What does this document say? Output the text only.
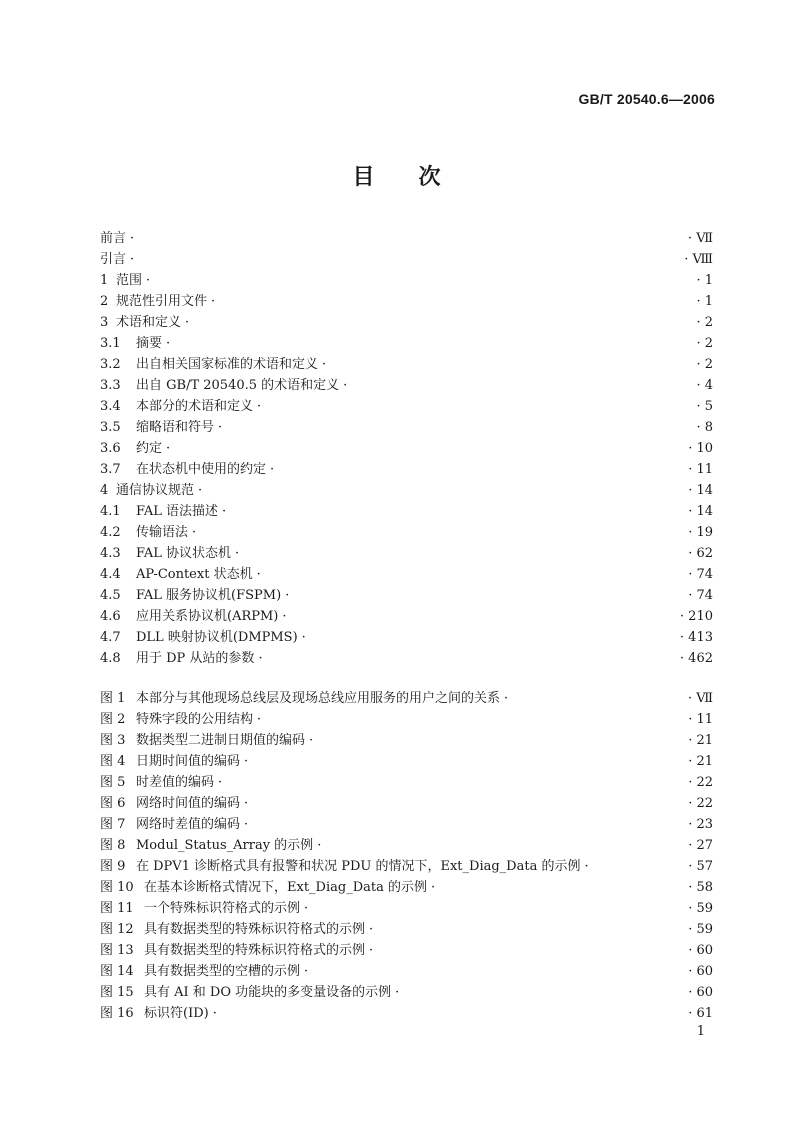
GB/T 20540.6—2006
目次
前言 ·	· Ⅶ
引言 ·	· Ⅷ
1 范围 ·	· 1
2 规范性引用文件 ·	· 1
3 术语和定义 ·	· 2
3.1 摘要 ·	· 2
3.2 出自相关国家标准的术语和定义 ·	· 2
3.3 出自 GB/T 20540.5 的术语和定义 ·	· 4
3.4 本部分的术语和定义 ·	· 5
3.5 缩略语和符号 ·	· 8
3.6 约定 ·	· 10
3.7 在状态机中使用的约定 ·	· 11
4 通信协议规范 ·	· 14
4.1 FAL 语法描述 ·	· 14
4.2 传输语法 ·	· 19
4.3 FAL 协议状态机 ·	· 62
4.4 AP-Context 状态机 ·	· 74
4.5 FAL 服务协议机(FSPM) ·	· 74
4.6 应用关系协议机(ARPM) ·	· 210
4.7 DLL 映射协议机(DMPMS) ·	· 413
4.8 用于 DP 从站的参数 ·	· 462
图 1 本部分与其他现场总线层及现场总线应用服务的用户之间的关系 ·	· Ⅶ
图 2 特殊字段的公用结构 ·	· 11
图 3 数据类型二进制日期值的编码 ·	· 21
图 4 日期时间值的编码 ·	· 21
图 5 时差值的编码 ·	· 22
图 6 网络时间值的编码 ·	· 22
图 7 网络时差值的编码 ·	· 23
图 8 Modul_Status_Array 的示例 ·	· 27
图 9 在 DPV1 诊断格式具有报警和状况 PDU 的情况下，Ext_Diag_Data 的示例 ·	· 57
图 10 在基本诊断格式情况下，Ext_Diag_Data 的示例 ·	· 58
图 11 一个特殊标识符格式的示例 ·	· 59
图 12 具有数据类型的特殊标识符格式的示例 ·	· 59
图 13 具有数据类型的特殊标识符格式的示例 ·	· 60
图 14 具有数据类型的空槽的示例 ·	· 60
图 15 具有 AI 和 DO 功能块的多变量设备的示例 ·	· 60
图 16 标识符(ID) ·	· 61
1
